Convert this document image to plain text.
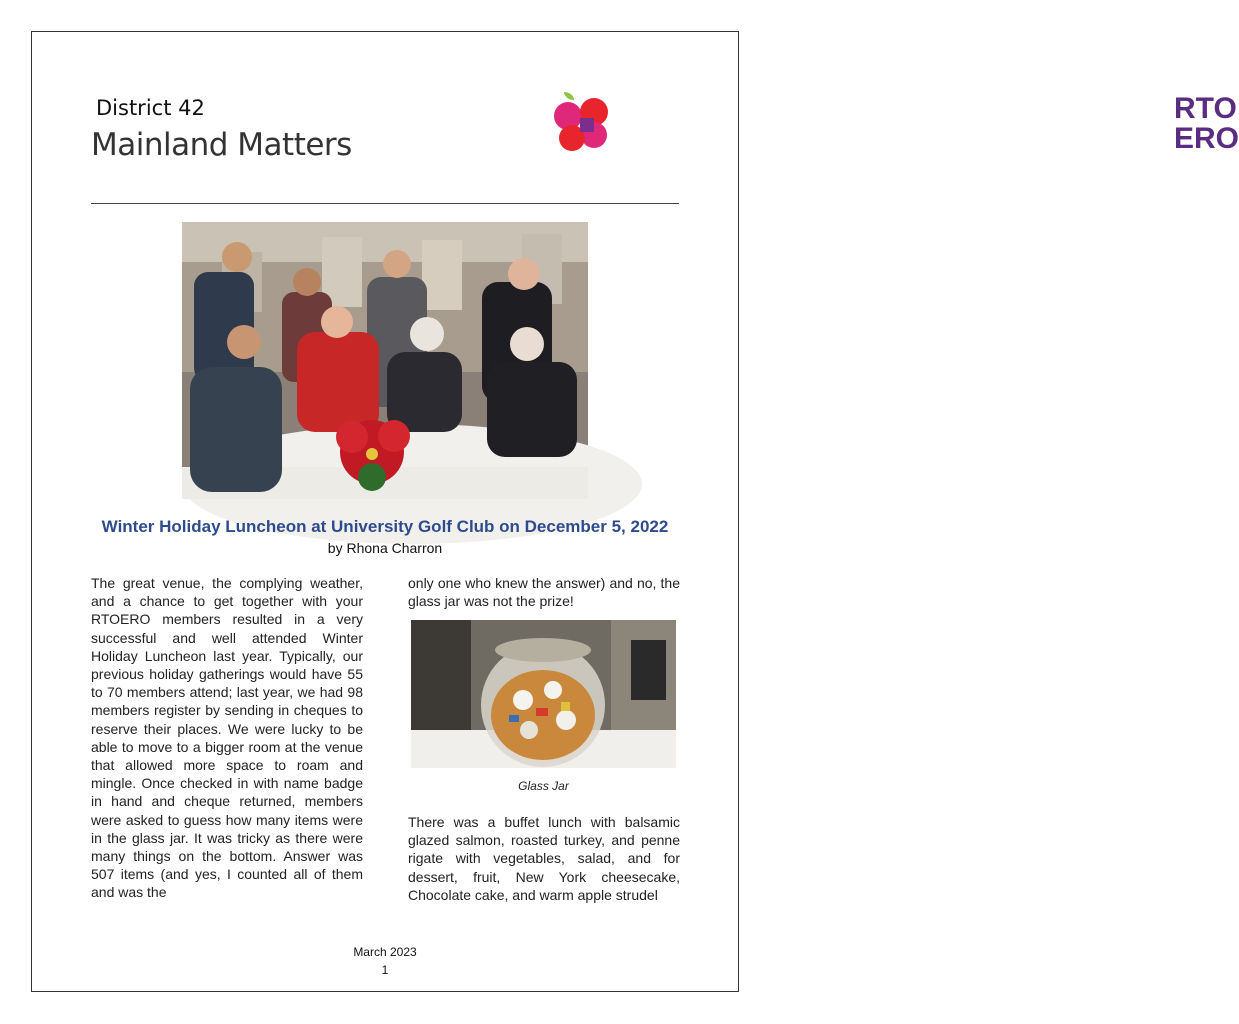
District 42
Mainland Matters
RTO
ERO
Winter Holiday Luncheon at University Golf Club on December 5, 2022
by Rhona Charron
The great venue, the complying weather, and a chance to get together with your RTOERO members resulted in a very successful and well attended Winter Holiday Luncheon last year. Typically, our previous holiday gatherings would have 55 to 70 members attend; last year, we had 98 members register by sending in cheques to reserve their places. We were lucky to be able to move to a bigger room at the venue that allowed more space to roam and mingle. Once checked in with name badge in hand and cheque returned, members were asked to guess how many items were in the glass jar. It was tricky as there were many things on the bottom. Answer was 507 items (and yes, I counted all of them and was the
only one who knew the answer) and no, the glass jar was not the prize!
Glass Jar
There was a buffet lunch with balsamic glazed salmon, roasted turkey, and penne rigate with vegetables, salad, and for dessert, fruit, New York cheesecake, Chocolate cake, and warm apple strudel
March 2023
1
